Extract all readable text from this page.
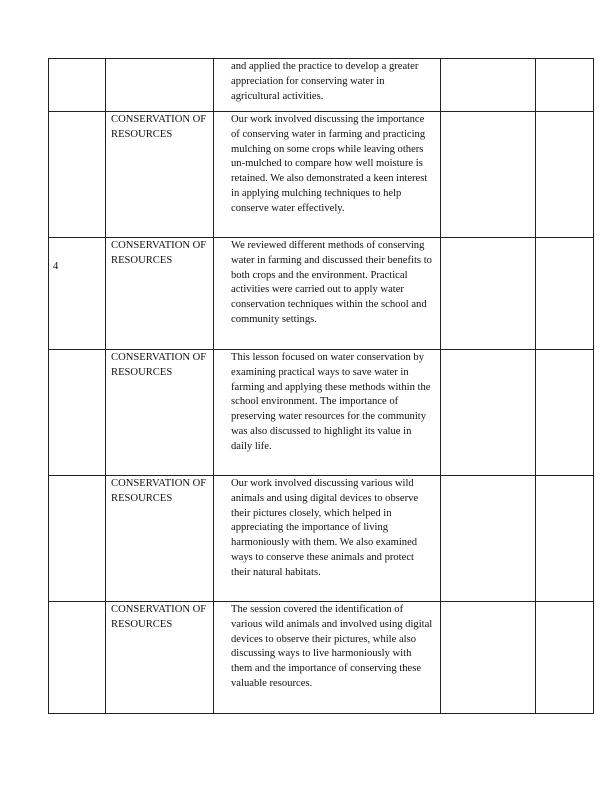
		and applied the practice to develop a greater appreciation for conserving water in agricultural activities.		

	CONSERVATION OF RESOURCES	Our work involved discussing the importance of conserving water in farming and practicing mulching on some crops while leaving others un-mulched to compare how well moisture is retained. We also demonstrated a keen interest in applying mulching techniques to help conserve water effectively.		

4	CONSERVATION OF RESOURCES	We reviewed different methods of conserving water in farming and discussed their benefits to both crops and the environment. Practical activities were carried out to apply water conservation techniques within the school and community settings.		

	CONSERVATION OF RESOURCES	This lesson focused on water conservation by examining practical ways to save water in farming and applying these methods within the school environment. The importance of preserving water resources for the community was also discussed to highlight its value in daily life.		

	CONSERVATION OF RESOURCES	Our work involved discussing various wild animals and using digital devices to observe their pictures closely, which helped in appreciating the importance of living harmoniously with them. We also examined ways to conserve these animals and protect their natural habitats.		

	CONSERVATION OF RESOURCES	The session covered the identification of various wild animals and involved using digital devices to observe their pictures, while also discussing ways to live harmoniously with them and the importance of conserving these valuable resources.		
